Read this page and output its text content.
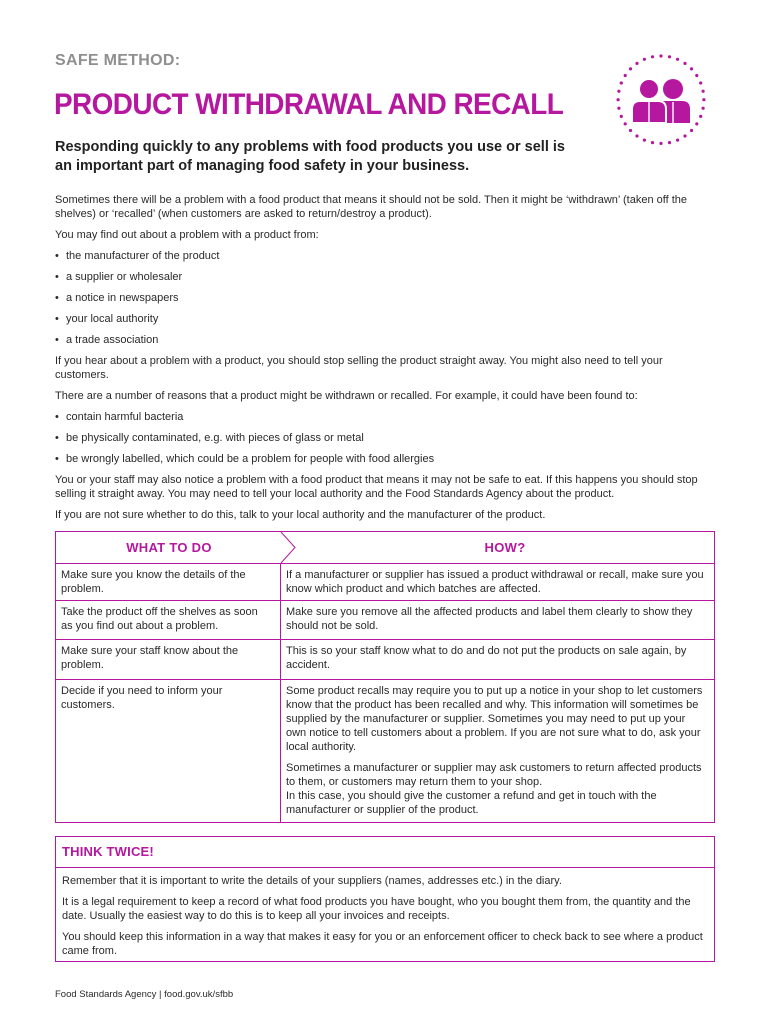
SAFE METHOD:
PRODUCT WITHDRAWAL AND RECALL

Responding quickly to any problems with food products you use or sell is an important part of managing food safety in your business.

Sometimes there will be a problem with a food product that means it should not be sold. Then it might be ‘withdrawn’ (taken off the shelves) or ‘recalled’ (when customers are asked to return/destroy a product).

You may find out about a problem with a product from:

• the manufacturer of the product
• a supplier or wholesaler
• a notice in newspapers
• your local authority
• a trade association

If you hear about a problem with a product, you should stop selling the product straight away. You might also need to tell your customers.

There are a number of reasons that a product might be withdrawn or recalled. For example, it could have been found to:

• contain harmful bacteria
• be physically contaminated, e.g. with pieces of glass or metal
• be wrongly labelled, which could be a problem for people with food allergies

You or your staff may also notice a problem with a food product that means it may not be safe to eat. If this happens you should stop selling it straight away. You may need to tell your local authority and the Food Standards Agency about the product.

If you are not sure whether to do this, talk to your local authority and the manufacturer of the product.

WHAT TO DO	HOW?
Make sure you know the details of the problem.

If a manufacturer or supplier has issued a product withdrawal or recall, make sure you know which product and which batches are affected.

Take the product off the shelves as soon as you find out about a problem.

Make sure you remove all the affected products and label them clearly to show they should not be sold.

Make sure your staff know about the problem.

This is so your staff know what to do and do not put the products on sale again, by accident.

Decide if you need to inform your customers.

Some product recalls may require you to put up a notice in your shop to let customers know that the product has been recalled and why. This information will sometimes be supplied by the manufacturer or supplier. Sometimes you may need to put up your own notice to tell customers about a problem. If you are not sure what to do, ask your local authority.

Sometimes a manufacturer or supplier may ask customers to return affected products to them, or customers may return them to your shop.

In this case, you should give the customer a refund and get in touch with the manufacturer or supplier of the product.

THINK TWICE!

Remember that it is important to write the details of your suppliers (names, addresses etc.) in the diary.

It is a legal requirement to keep a record of what food products you have bought, who you bought them from, the quantity and the date. Usually the easiest way to do this is to keep all your invoices and receipts.

You should keep this information in a way that makes it easy for you or an enforcement officer to check back to see where a product came from.

Food Standards Agency | food.gov.uk/sfbb
